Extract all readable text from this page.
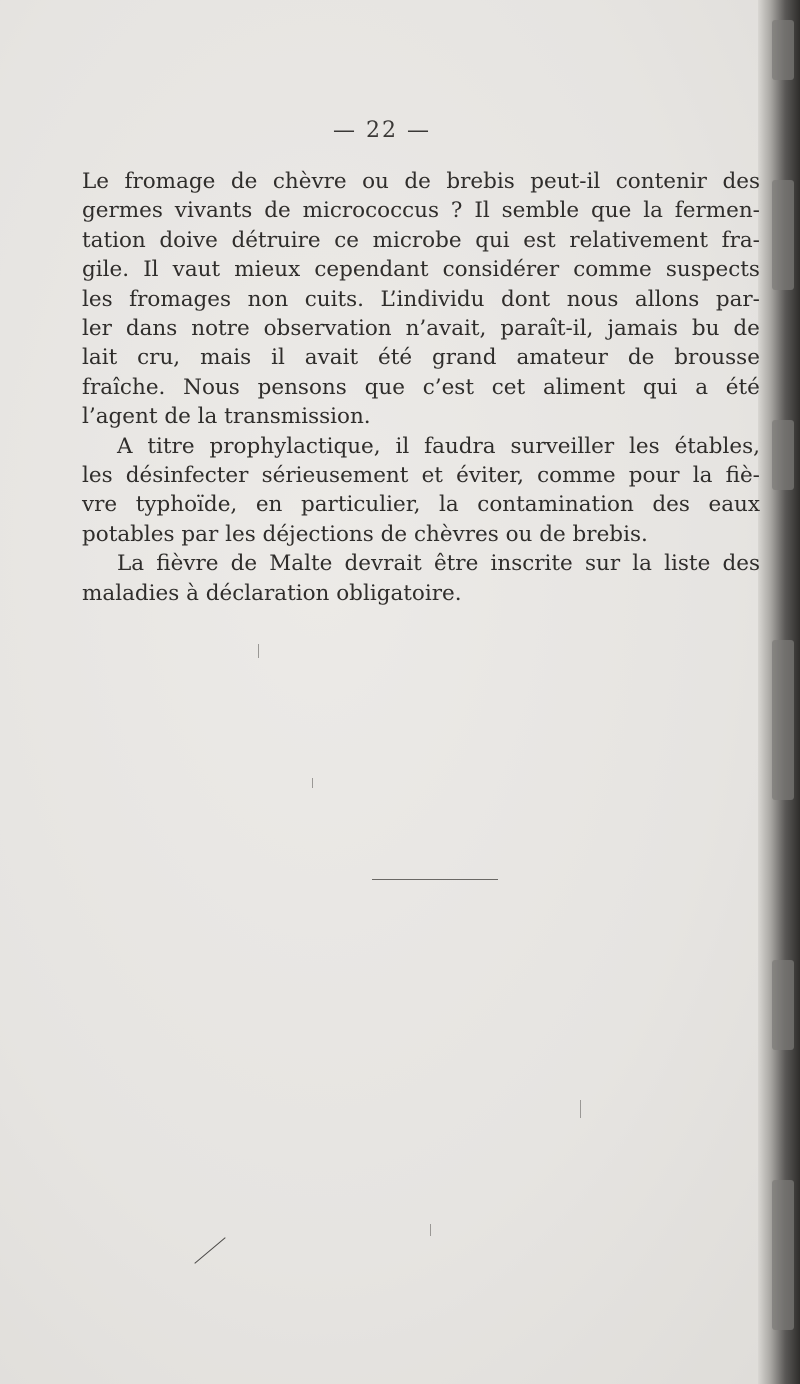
— 22 —
Le fromage de chèvre ou de brebis peut-il contenir des
germes vivants de micrococcus ? Il semble que la fermen-
tation doive détruire ce microbe qui est relativement fra-
gile. Il vaut mieux cependant considérer comme suspects
les fromages non cuits. L’individu dont nous allons par-
ler dans notre observation n’avait, paraît-il, jamais bu de
lait cru, mais il avait été grand amateur de brousse
fraîche. Nous pensons que c’est cet aliment qui a été
l’agent de la transmission.
A titre prophylactique, il faudra surveiller les étables,
les désinfecter sérieusement et éviter, comme pour la fiè-
vre typhoïde, en particulier, la contamination des eaux
potables par les déjections de chèvres ou de brebis.
La fièvre de Malte devrait être inscrite sur la liste des
maladies à déclaration obligatoire.
